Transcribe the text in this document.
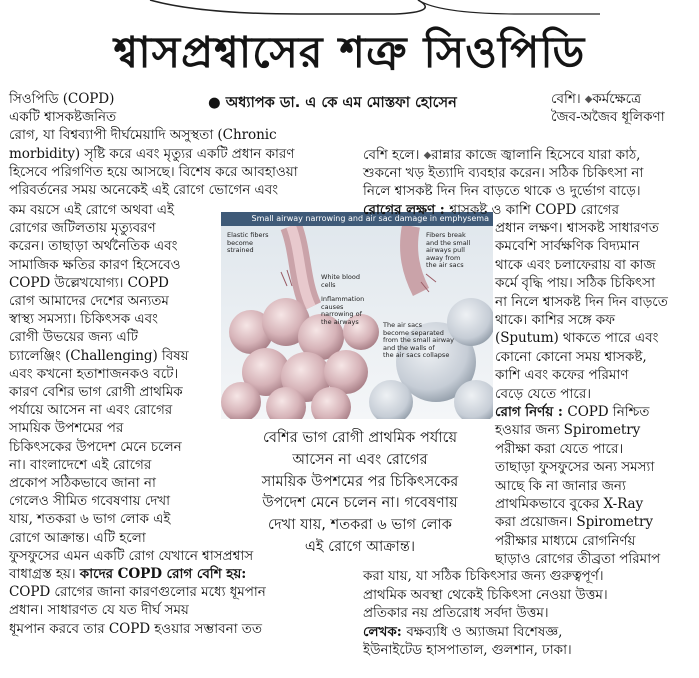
শ্বাসপ্রশ্বাসের শত্রু সিওপিডি
● অধ্যাপক ডা. এ কে এম মোস্তফা হোসেন
Small airway narrowing and air sac damage in emphysema
Elastic fibers
become
strained
White blood
cells
Inflammation
causes
narrowing of
the airways
Fibers break
and the small
airways pull
away from
the air sacs
The air sacs
become separated
from the small airway
and the walls of
the air sacs collapse
বেশির ভাগ রোগী প্রাথমিক পর্যায়ে
আসেন না এবং রোগের
সাময়িক উপশমের পর চিকিৎসকের
উপদেশ মেনে চলেন না। গবেষণায়
দেখা যায়, শতকরা ৬ ভাগ লোক
এই রোগে আক্রান্ত।
সিওপিডি (COPD)
একটি শ্বাসকষ্টজনিত
রোগ, যা বিশ্বব্যাপী দীর্ঘমেয়াদি অসুস্থতা (Chronic
morbidity) সৃষ্টি করে এবং মৃত্যুর একটি প্রধান কারণ
হিসেবে পরিগণিত হয়ে আসছে। বিশেষ করে আবহাওয়া
পরিবর্তনের সময় অনেকেই এই রোগে ভোগেন এবং
কম বয়সে এই রোগে অথবা এই
রোগের জটিলতায় মৃত্যুবরণ
করেন। তাছাড়া অর্থনৈতিক এবং
সামাজিক ক্ষতির কারণ হিসেবেও
COPD উল্লেখযোগ্য। COPD
রোগ আমাদের দেশের অন্যতম
স্বাস্থ্য সমস্যা। চিকিৎসক এবং
রোগী উভয়ের জন্য এটি
চ্যালেঞ্জিং (Challenging) বিষয়
এবং কখনো হতাশাজনকও বটে।
কারণ বেশির ভাগ রোগী প্রাথমিক
পর্যায়ে আসেন না এবং রোগের
সাময়িক উপশমের পর
চিকিৎসকের উপদেশ মেনে চলেন
না। বাংলাদেশে এই রোগের
প্রকোপ সঠিকভাবে জানা না
গেলেও সীমিত গবেষণায় দেখা
যায়, শতকরা ৬ ভাগ লোক এই
রোগে আক্রান্ত। এটি হলো
ফুসফুসের এমন একটি রোগ যেখানে শ্বাসপ্রশ্বাস
বাধাগ্রস্ত হয়। কাদের COPD রোগ বেশি হয়:
COPD রোগের জানা কারণগুলোর মধ্যে ধূমপান
প্রধান। সাধারণত যে যত দীর্ঘ সময়
ধূমপান করবে তার COPD হওয়ার সম্ভাবনা তত
বেশি হলে। ◆রান্নার কাজে জ্বালানি হিসেবে যারা কাঠ,
শুকনো খড় ইত্যাদি ব্যবহার করেন। সঠিক চিকিৎসা না
নিলে শ্বাসকষ্ট দিন দিন বাড়তে থাকে ও দুর্ভোগ বাড়ে।
রোগের লক্ষণ : শ্বাসকষ্ট ও কাশি COPD রোগের
বেশি। ◆কর্মক্ষেত্রে
জৈব-অজৈব ধূলিকণা
প্রধান লক্ষণ। শ্বাসকষ্ট সাধারণত
কমবেশি সার্বক্ষণিক বিদ্যমান
থাকে এবং চলাফেরায় বা কাজ
কর্মে বৃদ্ধি পায়। সঠিক চিকিৎসা
না নিলে শ্বাসকষ্ট দিন দিন বাড়তে
থাকে। কাশির সঙ্গে কফ
(Sputum) থাকতে পারে এবং
কোনো কোনো সময় শ্বাসকষ্ট,
কাশি এবং কফের পরিমাণ
বেড়ে যেতে পারে।
রোগ নির্ণয় : COPD নিশ্চিত
হওয়ার জন্য Spirometry
পরীক্ষা করা যেতে পারে।
তাছাড়া ফুসফুসের অন্য সমস্যা
আছে কি না জানার জন্য
প্রাথমিকভাবে বুকের X-Ray
করা প্রয়োজন। Spirometry
পরীক্ষার মাধ্যমে রোগনির্ণয়
ছাড়াও রোগের তীব্রতা পরিমাপ
করা যায়, যা সঠিক চিকিৎসার জন্য গুরুত্বপূর্ণ।
প্রাথমিক অবস্থা থেকেই চিকিৎসা নেওয়া উত্তম।
প্রতিকার নয় প্রতিরোধ সর্বদা উত্তম।
লেখক: বক্ষব্যধি ও অ্যাজমা বিশেষজ্ঞ,
ইউনাইটেড হাসপাতাল, গুলশান, ঢাকা।
